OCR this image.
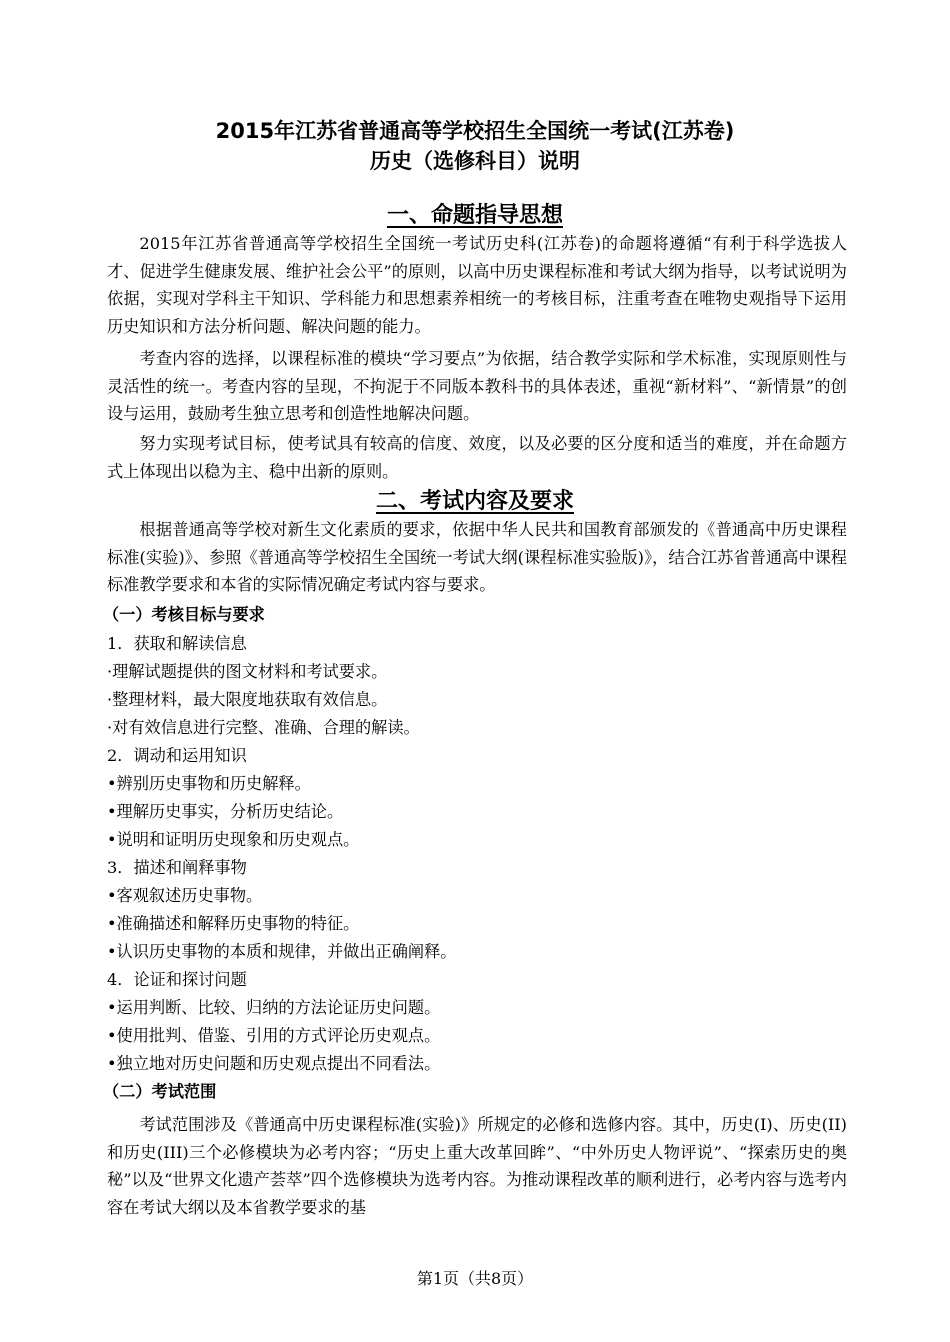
2015年江苏省普通高等学校招生全国统一考试(江苏卷)
历史（选修科目）说明
一、命题指导思想

2015年江苏省普通高等学校招生全国统一考试历史科(江苏卷)的命题将遵循“有利于科学选拔人才、促进学生健康发展、维护社会公平”的原则，以高中历史课程标准和考试大纲为指导，以考试说明为依据，实现对学科主干知识、学科能力和思想素养相统一的考核目标，注重考查在唯物史观指导下运用历史知识和方法分析问题、解决问题的能力。

考查内容的选择，以课程标准的模块“学习要点”为依据，结合教学实际和学术标准，实现原则性与灵活性的统一。考查内容的呈现，不拘泥于不同版本教科书的具体表述，重视“新材料”、“新情景”的创设与运用，鼓励考生独立思考和创造性地解决问题。

努力实现考试目标，使考试具有较高的信度、效度，以及必要的区分度和适当的难度，并在命题方式上体现出以稳为主、稳中出新的原则。

二、考试内容及要求

根据普通高等学校对新生文化素质的要求，依据中华人民共和国教育部颁发的《普通高中历史课程标准(实验)》、参照《普通高等学校招生全国统一考试大纲(课程标准实验版)》，结合江苏省普通高中课程标准教学要求和本省的实际情况确定考试内容与要求。

（一）考核目标与要求
1．获取和解读信息
·理解试题提供的图文材料和考试要求。
·整理材料，最大限度地获取有效信息。
·对有效信息进行完整、准确、合理的解读。
2．调动和运用知识
•辨别历史事物和历史解释。
•理解历史事实，分析历史结论。
•说明和证明历史现象和历史观点。
3．描述和阐释事物
•客观叙述历史事物。
•准确描述和解释历史事物的特征。
•认识历史事物的本质和规律，并做出正确阐释。
4．论证和探讨问题
•运用判断、比较、归纳的方法论证历史问题。
•使用批判、借鉴、引用的方式评论历史观点。
•独立地对历史问题和历史观点提出不同看法。
（二）考试范围

考试范围涉及《普通高中历史课程标准(实验)》所规定的必修和选修内容。其中，历史(I)、历史(II)和历史(III)三个必修模块为必考内容；“历史上重大改革回眸”、“中外历史人物评说”、“探索历史的奥秘”以及“世界文化遗产荟萃”四个选修模块为选考内容。为推动课程改革的顺利进行，必考内容与选考内容在考试大纲以及本省教学要求的基

第1页（共8页）
